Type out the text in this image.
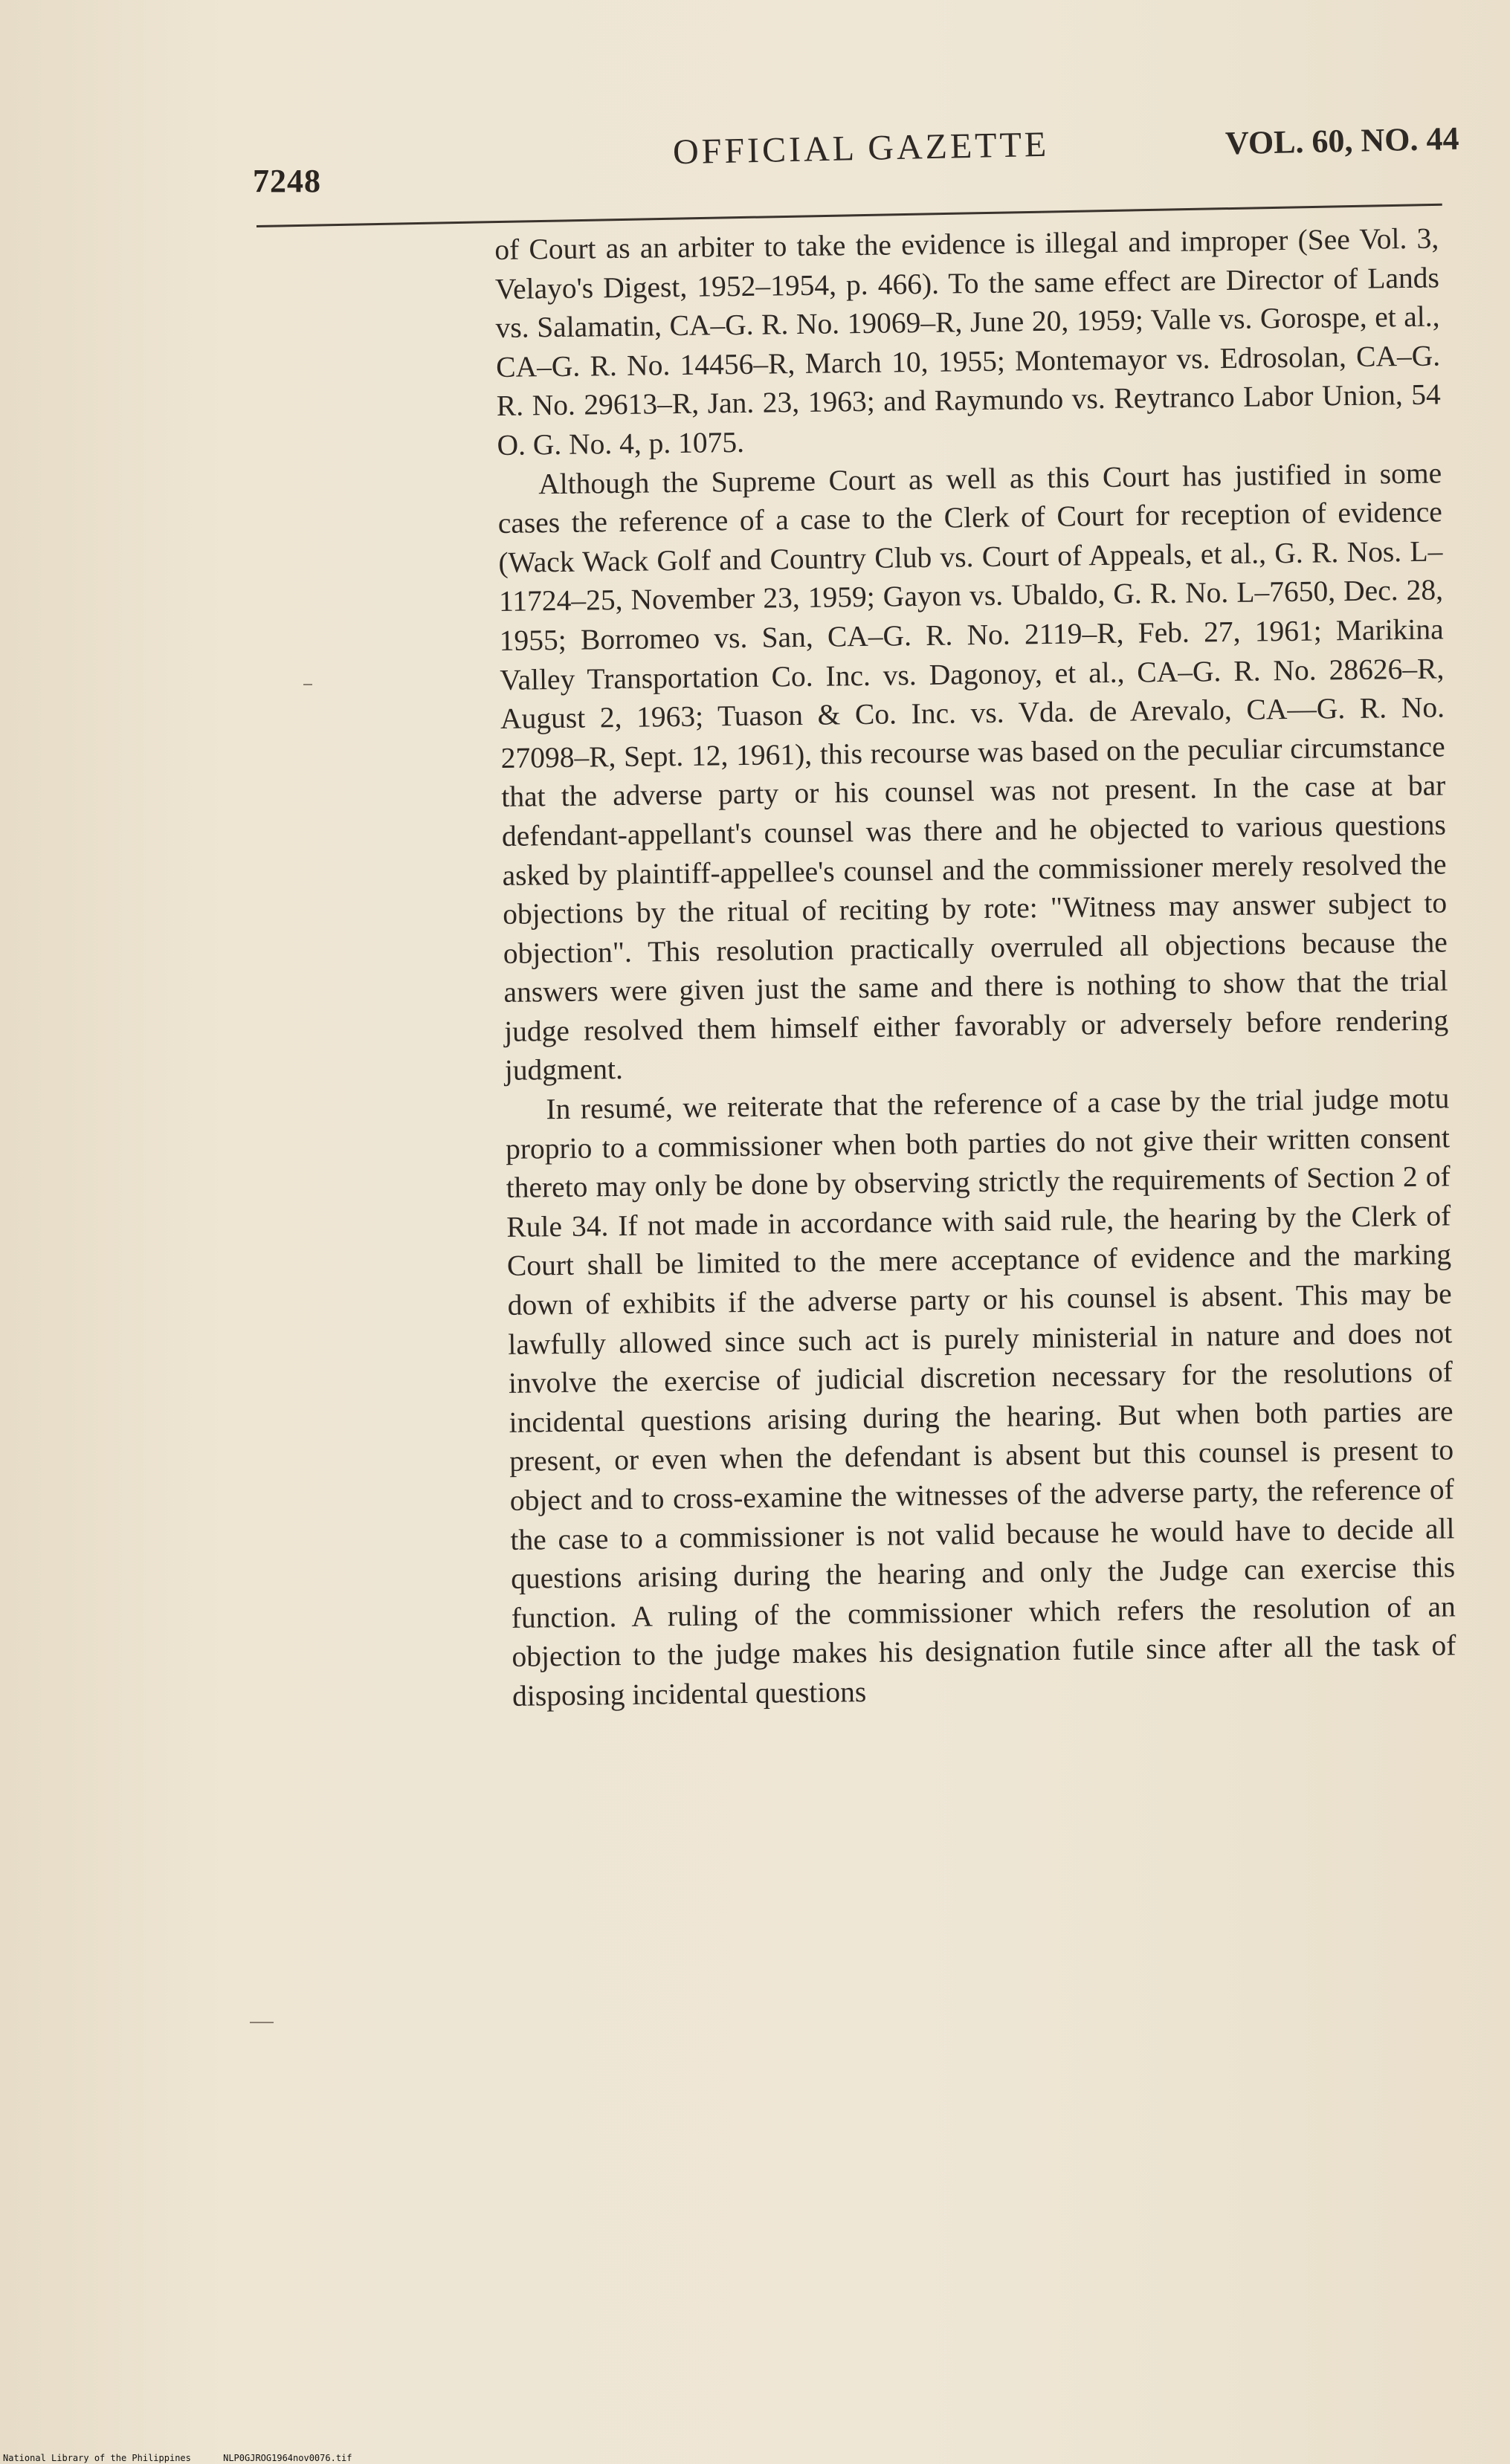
7248
OFFICIAL GAZETTE	VOL. 60, NO. 44

of Court as an arbiter to take the evidence is illegal and improper (See Vol. 3, Velayo's Digest, 1952–1954, p. 466). To the same effect are Director of Lands vs. Salamatin, CA–G. R. No. 19069–R, June 20, 1959; Valle vs. Gorospe, et al., CA–G. R. No. 14456–R, March 10, 1955; Montemayor vs. Edrosolan, CA–G. R. No. 29613–R, Jan. 23, 1963; and Raymundo vs. Reytranco Labor Union, 54 O. G. No. 4, p. 1075.

Although the Supreme Court as well as this Court has justified in some cases the reference of a case to the Clerk of Court for reception of evidence (Wack Wack Golf and Country Club vs. Court of Appeals, et al., G. R. Nos. L–11724–25, November 23, 1959; Gayon vs. Ubaldo, G. R. No. L–7650, Dec. 28, 1955; Borromeo vs. San, CA–G. R. No. 2119–R, Feb. 27, 1961; Marikina Valley Transportation Co. Inc. vs. Dagonoy, et al., CA–G. R. No. 28626–R, August 2, 1963; Tuason & Co. Inc. vs. Vda. de Arevalo, CA—G. R. No. 27098–R, Sept. 12, 1961), this recourse was based on the peculiar circumstance that the adverse party or his counsel was not present. In the case at bar defendant-appellant's counsel was there and he objected to various questions asked by plaintiff-appellee's counsel and the commissioner merely resolved the objections by the ritual of reciting by rote: "Witness may answer subject to objection". This resolution practically overruled all objections because the answers were given just the same and there is nothing to show that the trial judge resolved them himself either favorably or adversely before rendering judgment.

In resumé, we reiterate that the reference of a case by the trial judge motu proprio to a commissioner when both parties do not give their written consent thereto may only be done by observing strictly the requirements of Section 2 of Rule 34. If not made in accordance with said rule, the hearing by the Clerk of Court shall be limited to the mere acceptance of evidence and the marking down of exhibits if the adverse party or his counsel is absent. This may be lawfully allowed since such act is purely ministerial in nature and does not involve the exercise of judicial discretion necessary for the resolutions of incidental questions arising during the hearing. But when both parties are present, or even when the defendant is absent but this counsel is present to object and to cross-examine the witnesses of the adverse party, the reference of the case to a commissioner is not valid because he would have to decide all questions arising during the hearing and only the Judge can exercise this function. A ruling of the commissioner which refers the resolution of an objection to the judge makes his designation futile since after all the task of disposing incidental questions

National Library of the Philippines	NLP0GJROG1964nov0076.tif
